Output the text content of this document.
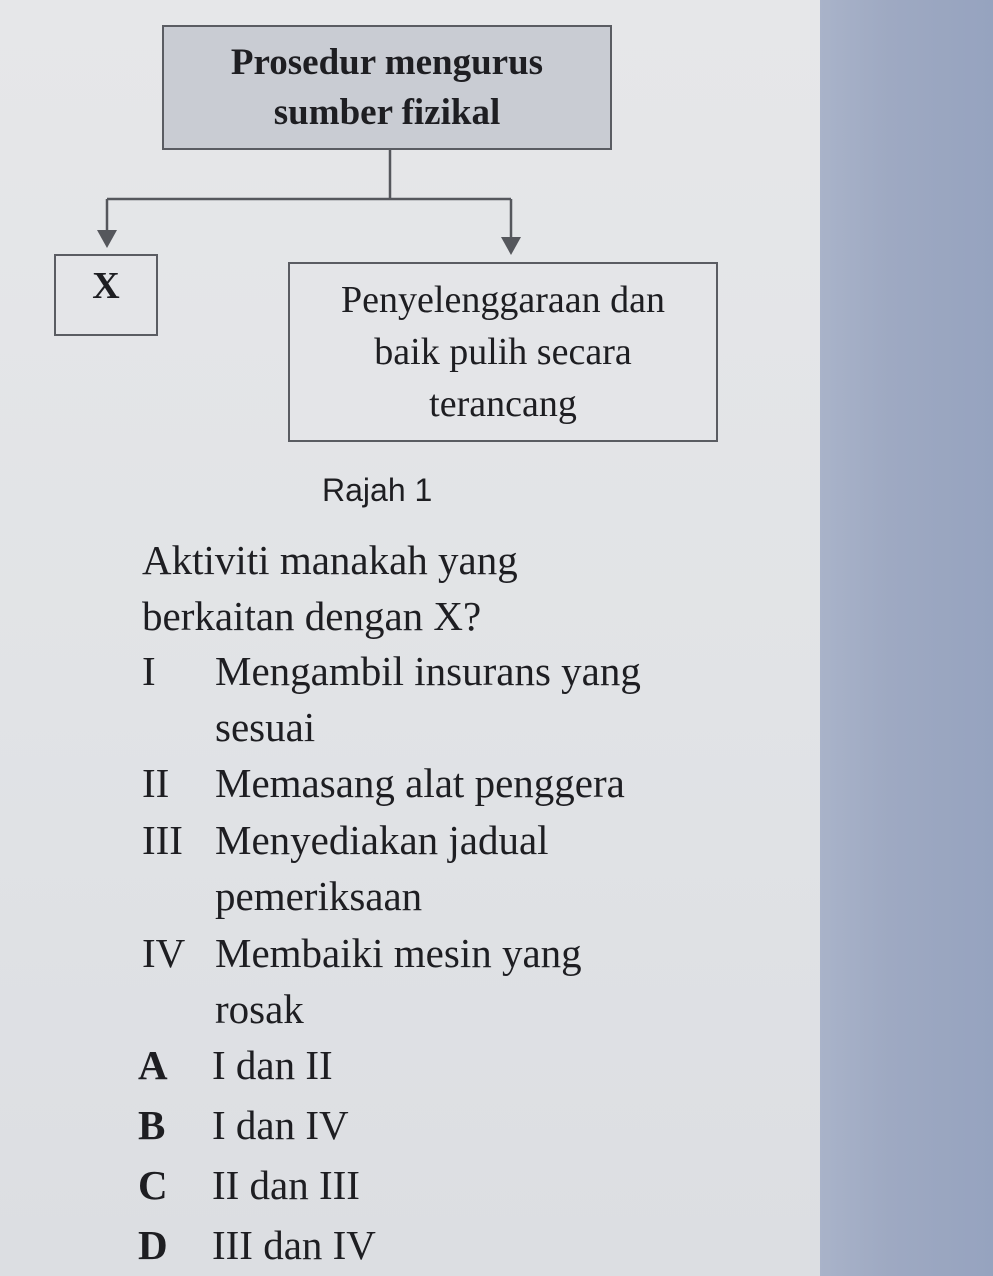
Prosedur mengurus
sumber fizikal
X	Penyelenggaraan dan
baik pulih secara
terancang
Rajah 1
Aktiviti manakah yang
berkaitan dengan X?
I Mengambil insurans yang
sesuai
II Memasang alat penggera
III Menyediakan jadual
pemeriksaan
IV Membaiki mesin yang
rosak
A I dan II
B I dan IV
C II dan III
D III dan IV
